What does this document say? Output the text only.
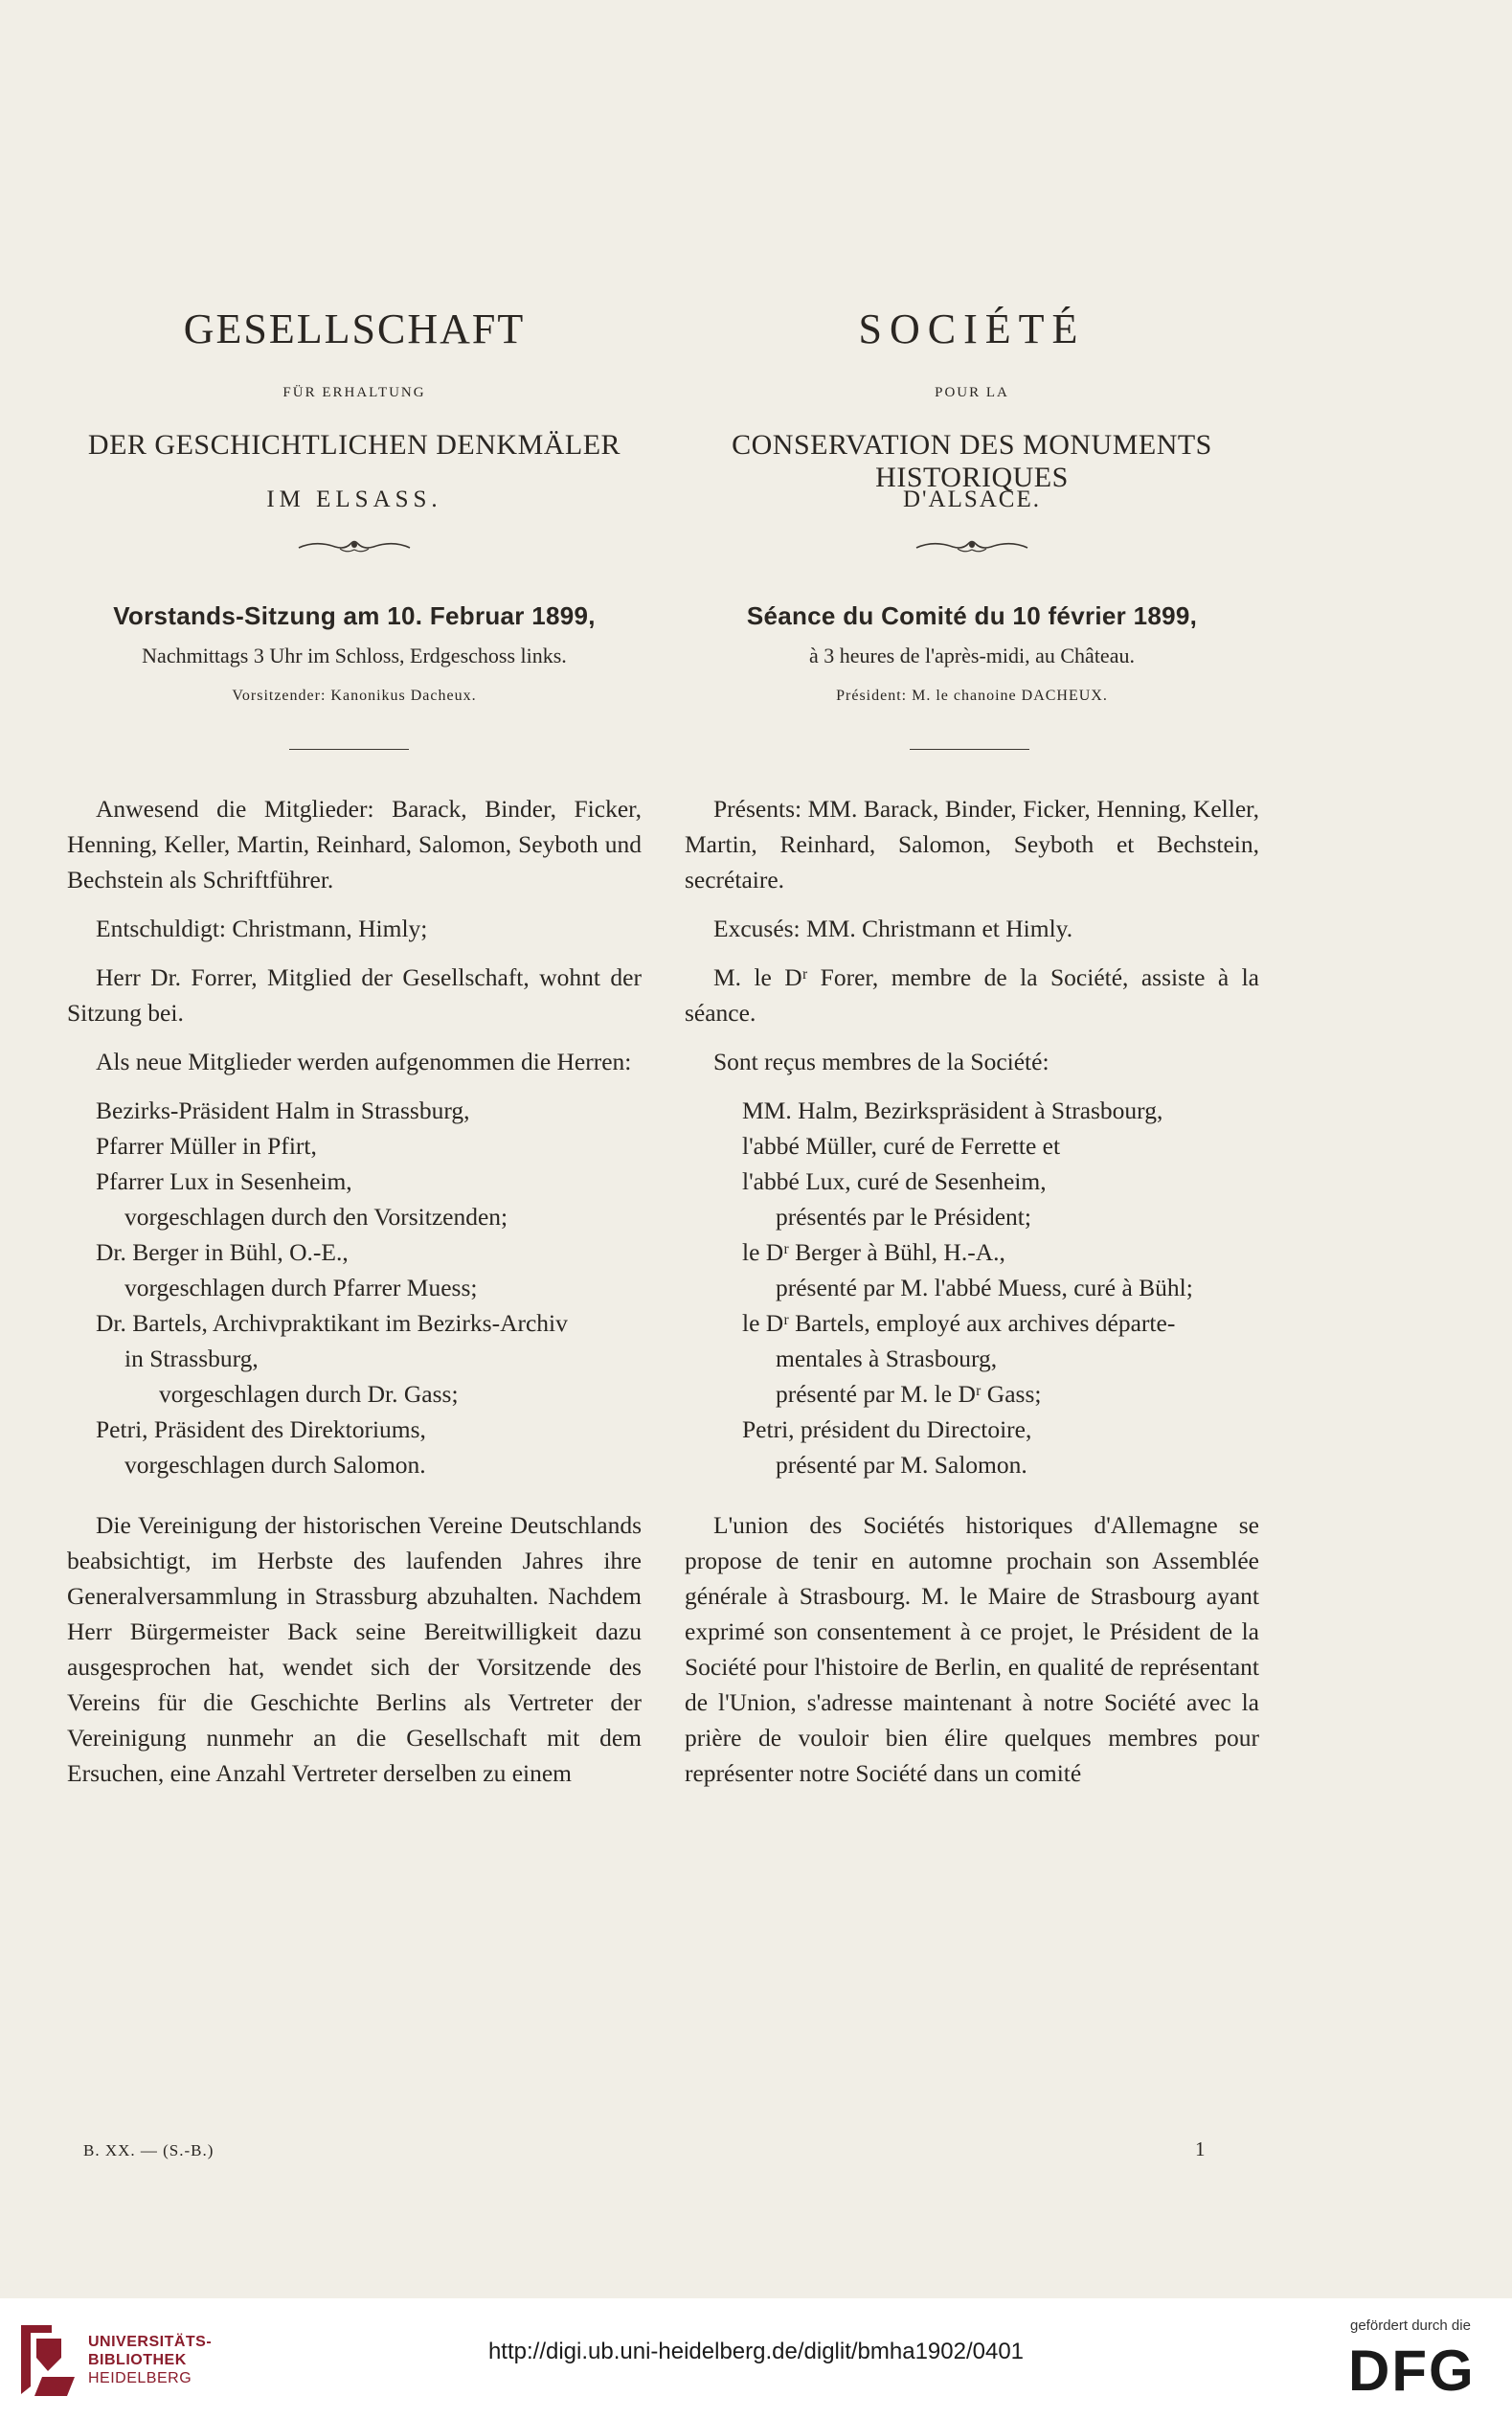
GESELLSCHAFT
FÜR ERHALTUNG
DER GESCHICHTLICHEN DENKMÄLER
IM ELSASS.
Vorstands-Sitzung am 10. Februar 1899,
Nachmittags 3 Uhr im Schloss, Erdgeschoss links.
Vorsitzender: Kanonikus Dacheux.

Anwesend die Mitglieder: Barack, Binder, Ficker, Henning, Keller, Martin, Reinhard, Salomon, Seyboth und Bechstein als Schriftführer.

Entschuldigt: Christmann, Himly;

Herr Dr. Forrer, Mitglied der Gesellschaft, wohnt der Sitzung bei.

Als neue Mitglieder werden aufgenommen die Herren:

Bezirks-Präsident Halm in Strassburg,

Pfarrer Müller in Pfirt,

Pfarrer Lux in Sesenheim,

vorgeschlagen durch den Vorsitzenden;

Dr. Berger in Bühl, O.-E.,

vorgeschlagen durch Pfarrer Muess;

Dr. Bartels, Archivpraktikant im Bezirks-Archiv

in Strassburg,

vorgeschlagen durch Dr. Gass;

Petri, Präsident des Direktoriums,

vorgeschlagen durch Salomon.

Die Vereinigung der historischen Vereine Deutschlands beabsichtigt, im Herbste des laufenden Jahres ihre Generalversammlung in Strassburg abzuhalten. Nachdem Herr Bürgermeister Back seine Bereitwilligkeit dazu ausgesprochen hat, wendet sich der Vorsitzende des Vereins für die Geschichte Berlins als Vertreter der Vereinigung nunmehr an die Gesellschaft mit dem Ersuchen, eine Anzahl Vertreter derselben zu einem

SOCIÉTÉ
POUR LA
CONSERVATION DES MONUMENTS HISTORIQUES
D'ALSACE.
Séance du Comité du 10 février 1899,
à 3 heures de l'après-midi, au Château.
Président: M. le chanoine DACHEUX.

Présents: MM. Barack, Binder, Ficker, Henning, Keller, Martin, Reinhard, Salomon, Seyboth et Bechstein, secrétaire.

Excusés: MM. Christmann et Himly.

M. le Dʳ Forer, membre de la Société, assiste à la séance.

Sont reçus membres de la Société:

MM. Halm, Bezirkspräsident à Strasbourg,

l'abbé Müller, curé de Ferrette et

l'abbé Lux, curé de Sesenheim,

présentés par le Président;

le Dʳ Berger à Bühl, H.-A.,

présenté par M. l'abbé Muess, curé à Bühl;

le Dʳ Bartels, employé aux archives départe-

mentales à Strasbourg,

présenté par M. le Dʳ Gass;

Petri, président du Directoire,

présenté par M. Salomon.

L'union des Sociétés historiques d'Allemagne se propose de tenir en automne prochain son Assemblée générale à Strasbourg. M. le Maire de Strasbourg ayant exprimé son consentement à ce projet, le Président de la Société pour l'histoire de Berlin, en qualité de représentant de l'Union, s'adresse maintenant à notre Société avec la prière de vouloir bien élire quelques membres pour représenter notre Société dans un comité

B. XX. — (S.-B.)	1
UNIVERSITÄTS-
BIBLIOTHEK
HEIDELBERG
http://digi.ub.uni-heidelberg.de/diglit/bmha1902/0401
gefördert durch die
DFG
